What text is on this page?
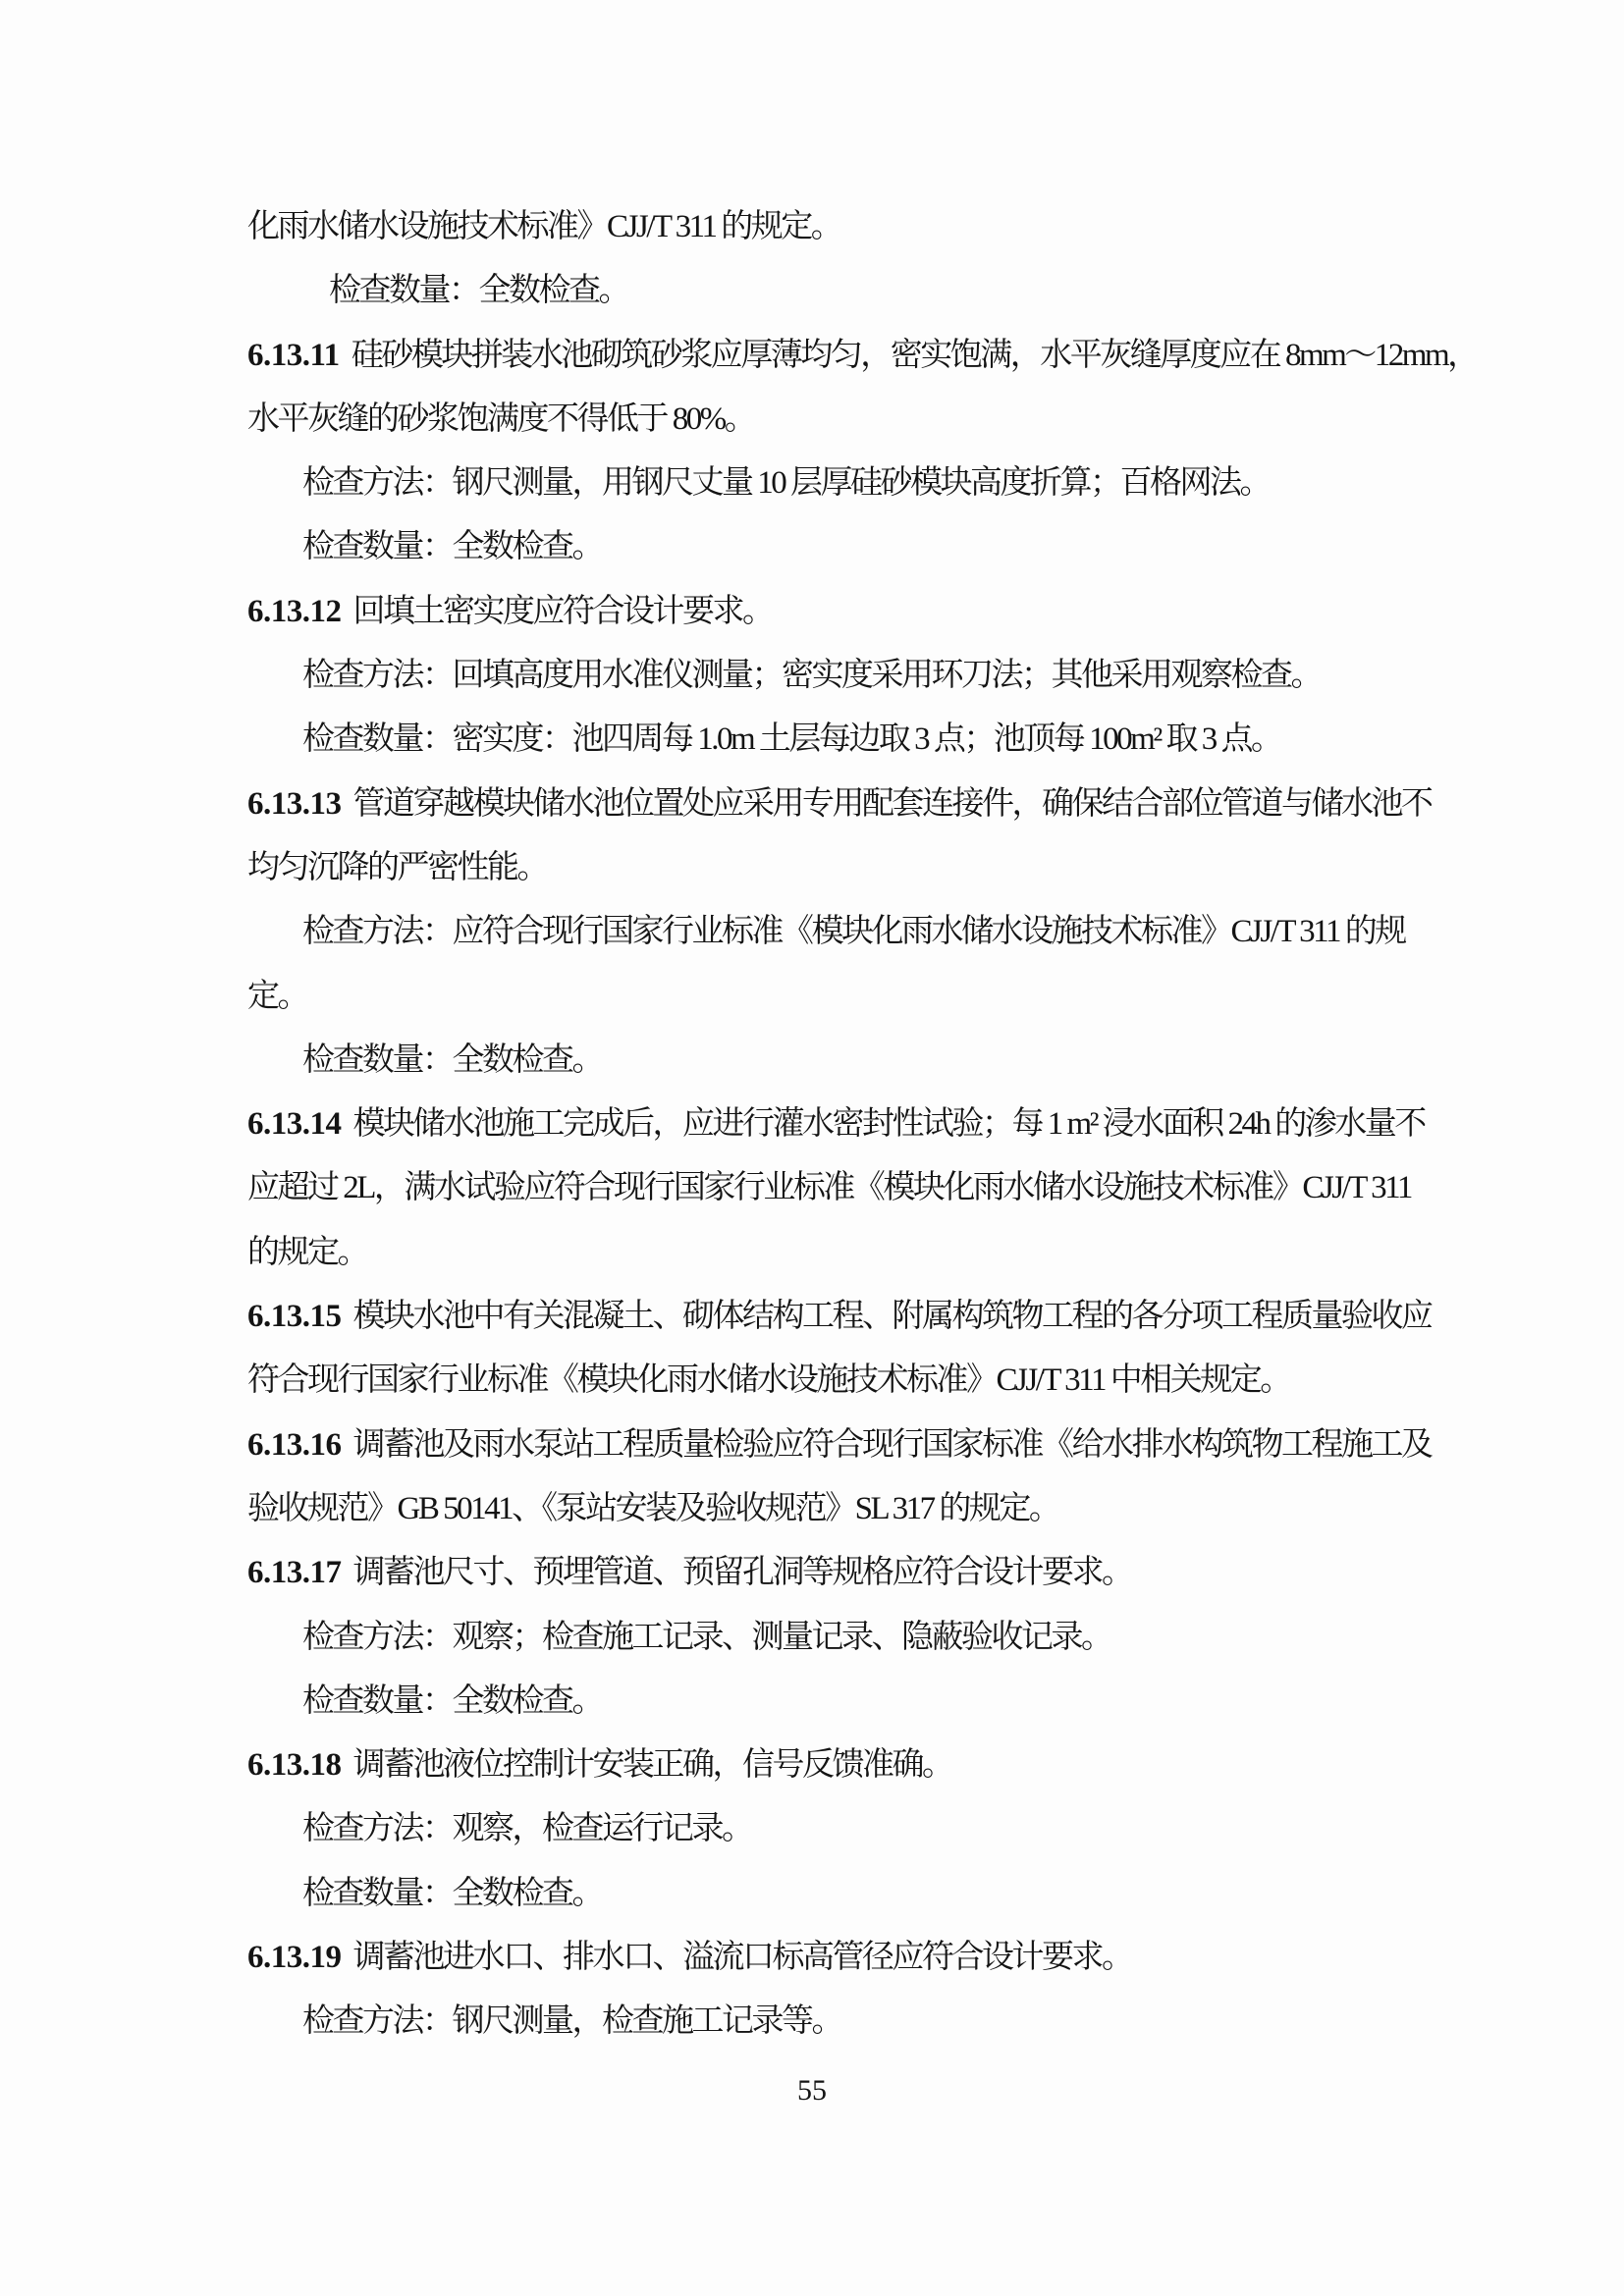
化雨水储水设施技术标准》CJJ/T 311 的规定。
检查数量：全数检查。
6.13.11 硅砂模块拼装水池砌筑砂浆应厚薄均匀，密实饱满，水平灰缝厚度应在 8mm～12mm，
水平灰缝的砂浆饱满度不得低于 80%。
检查方法：钢尺测量，用钢尺丈量 10 层厚硅砂模块高度折算；百格网法。
检查数量：全数检查。
6.13.12 回填土密实度应符合设计要求。
检查方法：回填高度用水准仪测量；密实度采用环刀法；其他采用观察检查。
检查数量：密实度：池四周每 1.0m 土层每边取 3 点；池顶每 100m² 取 3 点。
6.13.13 管道穿越模块储水池位置处应采用专用配套连接件，确保结合部位管道与储水池不
均匀沉降的严密性能。
检查方法：应符合现行国家行业标准《模块化雨水储水设施技术标准》CJJ/T 311 的规
定。
检查数量：全数检查。
6.13.14 模块储水池施工完成后，应进行灌水密封性试验；每 1 m² 浸水面积 24h 的渗水量不
应超过 2L，满水试验应符合现行国家行业标准《模块化雨水储水设施技术标准》CJJ/T 311
的规定。
6.13.15 模块水池中有关混凝土、砌体结构工程、附属构筑物工程的各分项工程质量验收应
符合现行国家行业标准《模块化雨水储水设施技术标准》CJJ/T 311 中相关规定。
6.13.16 调蓄池及雨水泵站工程质量检验应符合现行国家标准《给水排水构筑物工程施工及
验收规范》GB 50141、《泵站安装及验收规范》SL 317 的规定。
6.13.17 调蓄池尺寸、预埋管道、预留孔洞等规格应符合设计要求。
检查方法：观察；检查施工记录、测量记录、隐蔽验收记录。
检查数量：全数检查。
6.13.18 调蓄池液位控制计安装正确，信号反馈准确。
检查方法：观察，检查运行记录。
检查数量：全数检查。
6.13.19 调蓄池进水口、排水口、溢流口标高管径应符合设计要求。
检查方法：钢尺测量，检查施工记录等。
55
